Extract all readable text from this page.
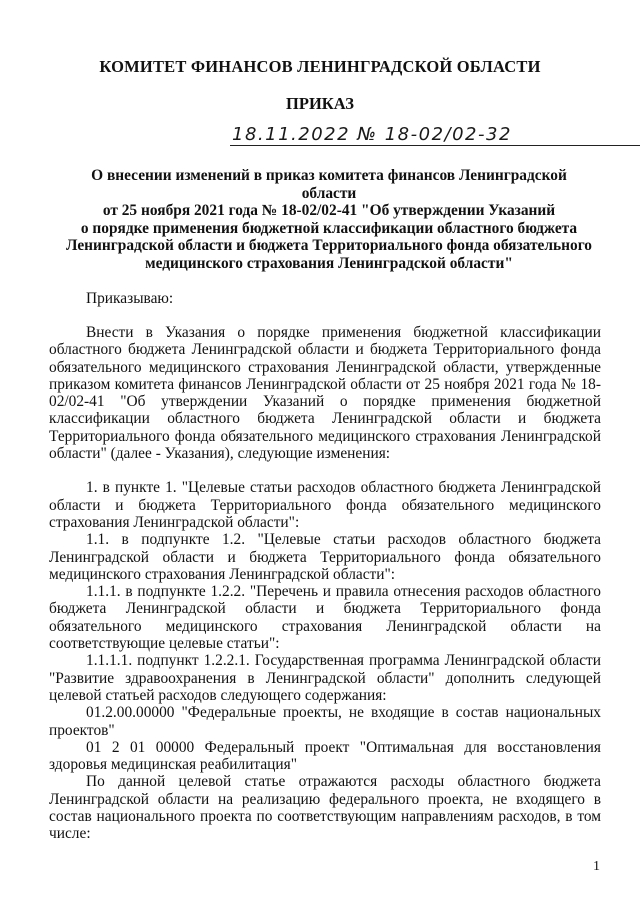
КОМИТЕТ ФИНАНСОВ ЛЕНИНГРАДСКОЙ ОБЛАСТИ
ПРИКАЗ
18.11.2022 № 18-02/02-32
О внесении изменений в приказ комитета финансов Ленинградской
области
от 25 ноября 2021 года № 18-02/02-41 "Об утверждении Указаний
о порядке применения бюджетной классификации областного бюджета
Ленинградской области и бюджета Территориального фонда обязательного
медицинского страхования Ленинградской области"
Приказываю:

Внести в Указания о порядке применения бюджетной классификации областного бюджета Ленинградской области и бюджета Территориального фонда обязательного медицинского страхования Ленинградской области, утвержденные приказом комитета финансов Ленинградской области от 25 ноября 2021 года № 18-02/02-41 "Об утверждении Указаний о порядке применения бюджетной классификации областного бюджета Ленинградской области и бюджета Территориального фонда обязательного медицинского страхования Ленинградской области" (далее - Указания), следующие изменения:

1. в пункте 1. "Целевые статьи расходов областного бюджета Ленинградской области и бюджета Территориального фонда обязательного медицинского страхования Ленинградской области":

1.1. в подпункте 1.2. "Целевые статьи расходов областного бюджета Ленинградской области и бюджета Территориального фонда обязательного медицинского страхования Ленинградской области":

1.1.1. в подпункте 1.2.2. "Перечень и правила отнесения расходов областного бюджета Ленинградской области и бюджета Территориального фонда обязательного медицинского страхования Ленинградской области на соответствующие целевые статьи":

1.1.1.1. подпункт 1.2.2.1. Государственная программа Ленинградской области "Развитие здравоохранения в Ленинградской области" дополнить следующей целевой статьей расходов следующего содержания:

01.2.00.00000 "Федеральные проекты, не входящие в состав национальных проектов"

01 2 01 00000 Федеральный проект "Оптимальная для восстановления здоровья медицинская реабилитация"

По данной целевой статье отражаются расходы областного бюджета Ленинградской области на реализацию федерального проекта, не входящего в состав национального проекта по соответствующим направлениям расходов, в том числе:

1
